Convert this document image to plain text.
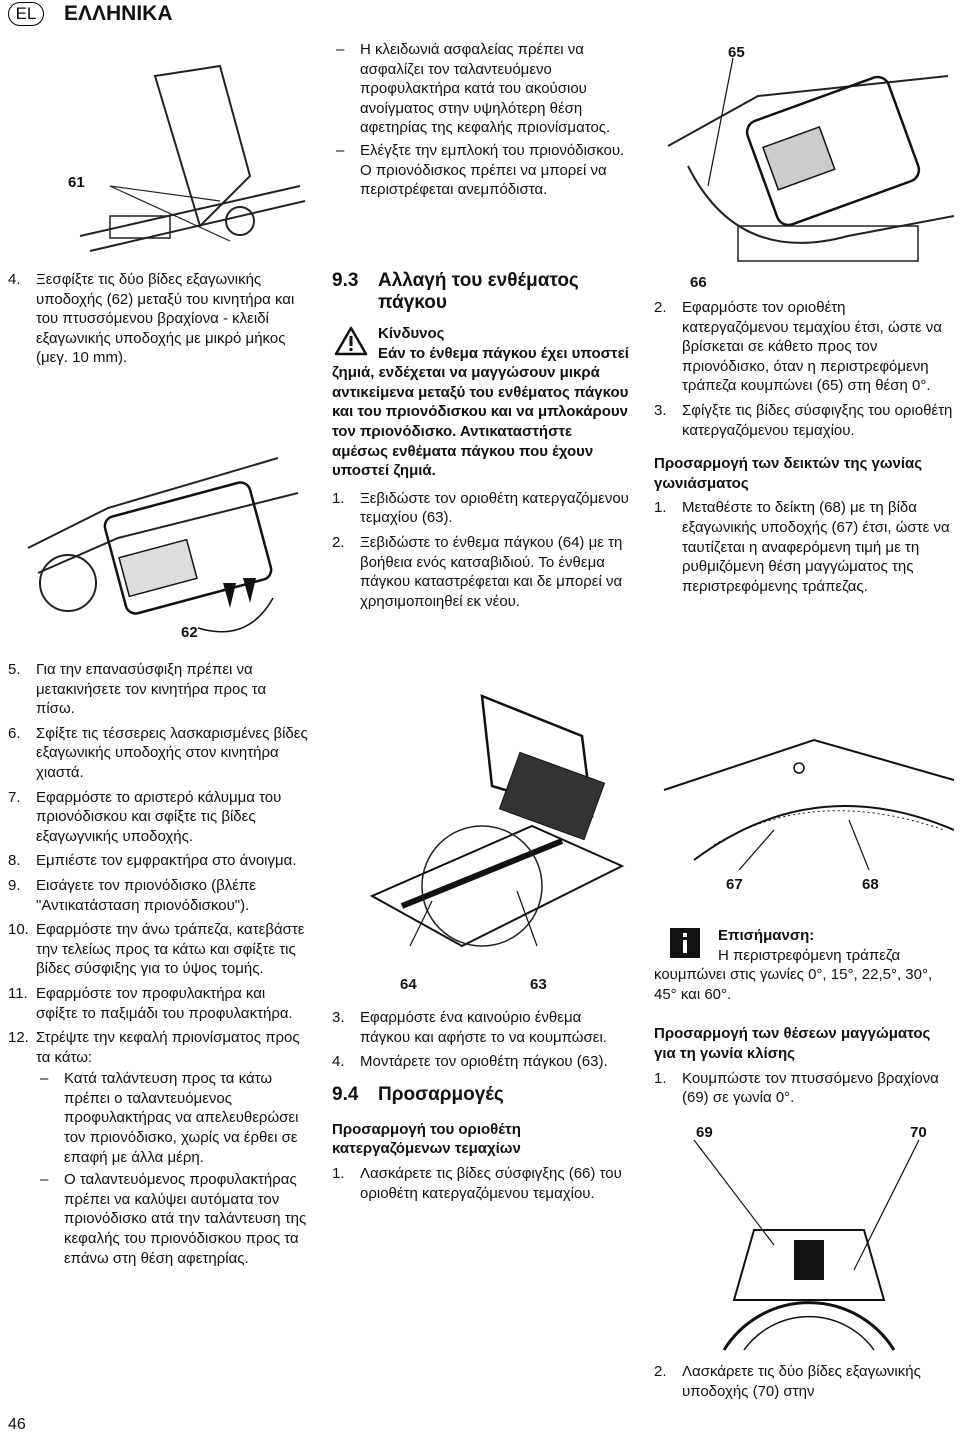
EL	ΕΛΛΗΝΙΚΑ
61
62
4. Ξεσφίξτε τις δύο βίδες εξαγωνικής υποδοχής (62) μεταξύ του κινητήρα και του πτυσσόμενου βραχίονα - κλειδί εξαγωνικής υποδοχής με μικρό μήκος (μεγ. 10 mm).
5. Για την επανασύσφιξη πρέπει να μετακινήσετε τον κινητήρα προς τα πίσω.
6. Σφίξτε τις τέσσερεις λασκαρισμένες βίδες εξαγωνικής υποδοχής στον κινητήρα χιαστά.
7. Εφαρμόστε το αριστερό κάλυμμα του πριονόδισκου και σφίξτε τις βίδες εξαγωγνικής υποδοχής.
8. Εμπιέστε τον εμφρακτήρα στο άνοιγμα.
9. Εισάγετε τον πριονόδισκο (βλέπε "Αντικατάσταση πριονόδισκου").
10. Εφαρμόστε την άνω τράπεζα, κατεβάστε την τελείως προς τα κάτω και σφίξτε τις βίδες σύσφιξης για το ύψος τομής.
11. Εφαρμόστε τον προφυλακτήρα και σφίξτε το παξιμάδι του προφυλακτήρα.
12. Στρέψτε την κεφαλή πριονίσματος προς τα κάτω:
– Κατά ταλάντευση προς τα κάτω πρέπει ο ταλαντευόμενος προφυλακτήρας να απελευθερώσει τον πριονόδισκο, χωρίς να έρθει σε επαφή με άλλα μέρη.
– Ο ταλαντευόμενος προφυλακτήρας πρέπει να καλύψει αυτόματα τον πριονόδισκο ατά την ταλάντευση της κεφαλής του πριονόδισκου προς τα επάνω στη θέση αφετηρίας.
– Η κλειδωνιά ασφαλείας πρέπει να ασφαλίζει τον ταλαντευόμενο προφυλακτήρα κατά του ακούσιου ανοίγματος στην υψηλότερη θέση αφετηρίας της κεφαλής πριονίσματος.
– Ελέγξτε την εμπλοκή του πριονόδισκου. Ο πριονόδισκος πρέπει να μπορεί να περιστρέφεται ανεμπόδιστα.
9.3 Αλλαγή του ενθέματος πάγκου
Κίνδυνος
Εάν το ένθεμα πάγκου έχει υποστεί ζημιά, ενδέχεται να μαγγώσουν μικρά αντικείμενα μεταξύ του ενθέματος πάγκου και του πριονόδισκου και να μπλοκάρουν τον πριονόδισκο. Αντικαταστήστε αμέσως ενθέματα πάγκου που έχουν υποστεί ζημιά.
1. Ξεβιδώστε τον οριοθέτη κατεργαζόμενου τεμαχίου (63).
2. Ξεβιδώστε το ένθεμα πάγκου (64) με τη βοήθεια ενός κατσαβιδιού. Το ένθεμα πάγκου καταστρέφεται και δε μπορεί να χρησιμοποιηθεί εκ νέου.
64	63
3. Εφαρμόστε ένα καινούριο ένθεμα πάγκου και αφήστε το να κουμπώσει.
4. Μοντάρετε τον οριοθέτη πάγκου (63).
9.4 Προσαρμογές
Προσαρμογή του οριοθέτη κατεργαζόμενων τεμαχίων
1. Λασκάρετε τις βίδες σύσφιγξης (66) του οριοθέτη κατεργαζόμενου τεμαχίου.
65
66
2. Εφαρμόστε τον οριοθέτη κατεργαζόμενου τεμαχίου έτσι, ώστε να βρίσκεται σε κάθετο προς τον πριονόδισκο, όταν η περιστρεφόμενη τράπεζα κουμπώνει (65) στη θέση 0°.
3. Σφίγξτε τις βίδες σύσφιγξης του οριοθέτη κατεργαζόμενου τεμαχίου.
Προσαρμογή των δεικτών της γωνίας γωνιάσματος
1. Μεταθέστε το δείκτη (68) με τη βίδα εξαγωνικής υποδοχής (67) έτσι, ώστε να ταυτίζεται η αναφερόμενη τιμή με τη ρυθμιζόμενη θέση μαγγώματος της περιστρεφόμενης τράπεζας.
67	68
Επισήμανση:
Η περιστρεφόμενη τράπεζα κουμπώνει στις γωνίες 0°, 15°, 22,5°, 30°, 45° και 60°.
Προσαρμογή των θέσεων μαγγώματος για τη γωνία κλίσης
1. Κουμπώστε τον πτυσσόμενο βραχίονα (69) σε γωνία 0°.
69	70
2. Λασκάρετε τις δύο βίδες εξαγωνικής υποδοχής (70) στην
46
